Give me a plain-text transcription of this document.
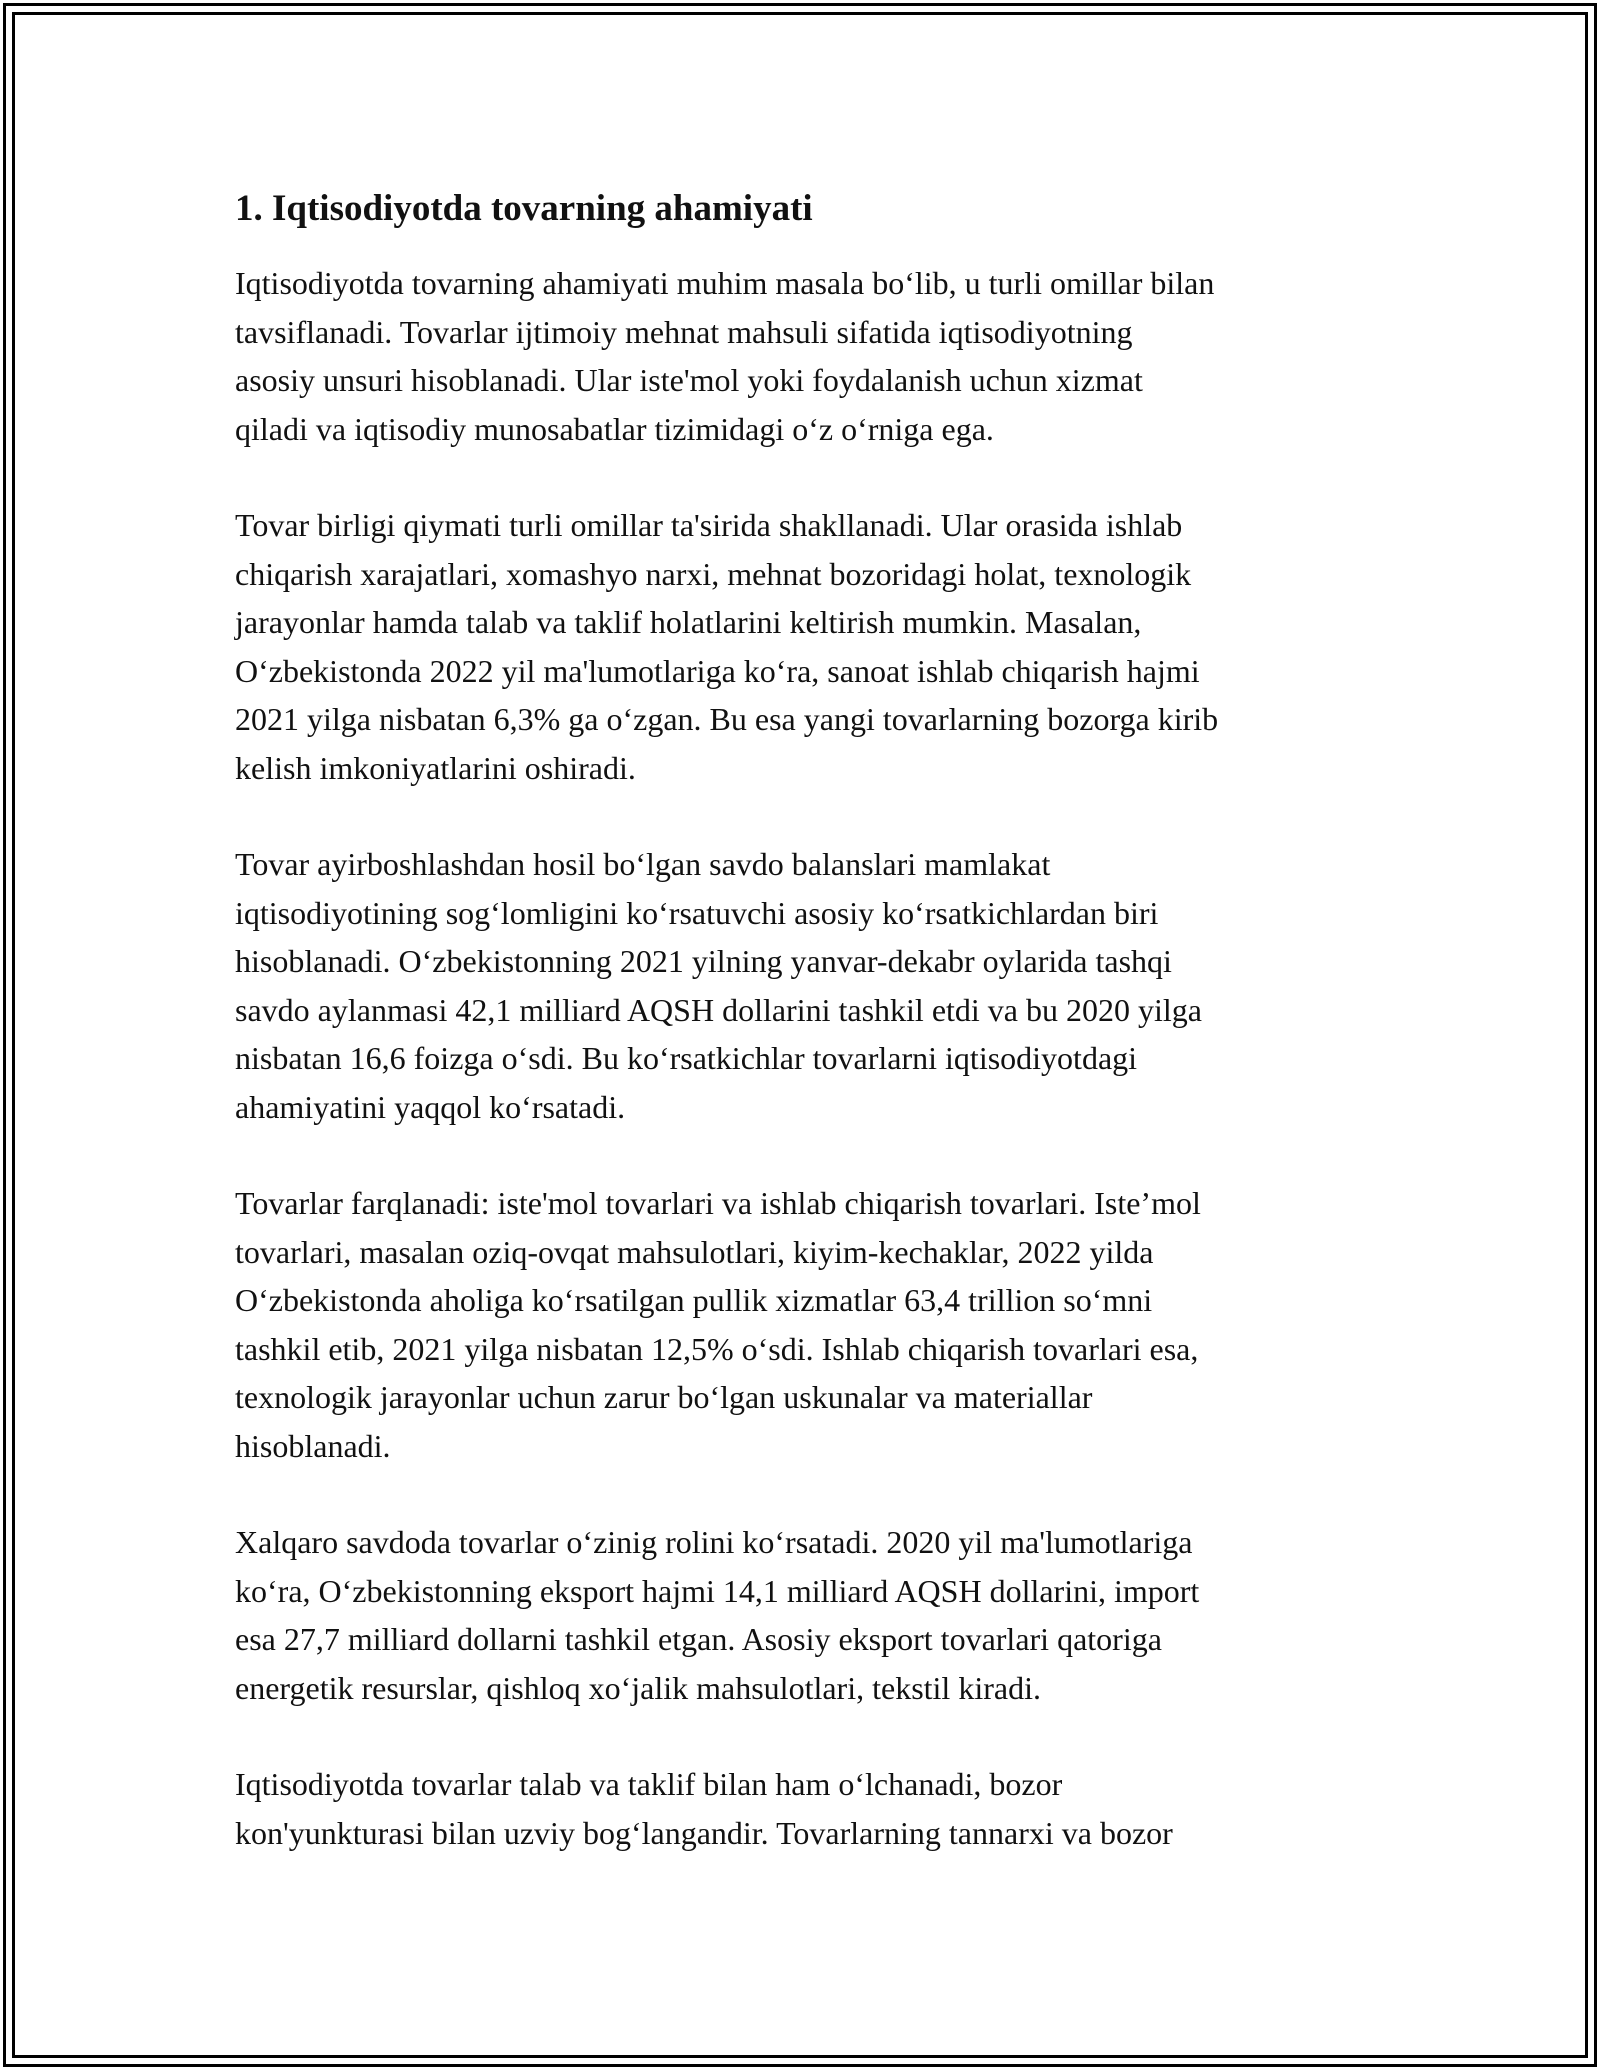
1. Iqtisodiyotda tovarning ahamiyati
Iqtisodiyotda tovarning ahamiyati muhim masala bo‘lib, u turli omillar bilan
tavsiflanadi. Tovarlar ijtimoiy mehnat mahsuli sifatida iqtisodiyotning
asosiy unsuri hisoblanadi. Ular iste'mol yoki foydalanish uchun xizmat
qiladi va iqtisodiy munosabatlar tizimidagi o‘z o‘rniga ega.
Tovar birligi qiymati turli omillar ta'sirida shakllanadi. Ular orasida ishlab
chiqarish xarajatlari, xomashyo narxi, mehnat bozoridagi holat, texnologik
jarayonlar hamda talab va taklif holatlarini keltirish mumkin. Masalan,
O‘zbekistonda 2022 yil ma'lumotlariga ko‘ra, sanoat ishlab chiqarish hajmi
2021 yilga nisbatan 6,3% ga o‘zgan. Bu esa yangi tovarlarning bozorga kirib
kelish imkoniyatlarini oshiradi.
Tovar ayirboshlashdan hosil bo‘lgan savdo balanslari mamlakat
iqtisodiyotining sog‘lomligini ko‘rsatuvchi asosiy ko‘rsatkichlardan biri
hisoblanadi. O‘zbekistonning 2021 yilning yanvar-dekabr oylarida tashqi
savdo aylanmasi 42,1 milliard AQSH dollarini tashkil etdi va bu 2020 yilga
nisbatan 16,6 foizga o‘sdi. Bu ko‘rsatkichlar tovarlarni iqtisodiyotdagi
ahamiyatini yaqqol ko‘rsatadi.
Tovarlar farqlanadi: iste'mol tovarlari va ishlab chiqarish tovarlari. Iste’mol
tovarlari, masalan oziq-ovqat mahsulotlari, kiyim-kechaklar, 2022 yilda
O‘zbekistonda aholiga ko‘rsatilgan pullik xizmatlar 63,4 trillion so‘mni
tashkil etib, 2021 yilga nisbatan 12,5% o‘sdi. Ishlab chiqarish tovarlari esa,
texnologik jarayonlar uchun zarur bo‘lgan uskunalar va materiallar
hisoblanadi.
Xalqaro savdoda tovarlar o‘zinig rolini ko‘rsatadi. 2020 yil ma'lumotlariga
ko‘ra, O‘zbekistonning eksport hajmi 14,1 milliard AQSH dollarini, import
esa 27,7 milliard dollarni tashkil etgan. Asosiy eksport tovarlari qatoriga
energetik resurslar, qishloq xo‘jalik mahsulotlari, tekstil kiradi.
Iqtisodiyotda tovarlar talab va taklif bilan ham o‘lchanadi, bozor
kon'yunkturasi bilan uzviy bog‘langandir. Tovarlarning tannarxi va bozor
